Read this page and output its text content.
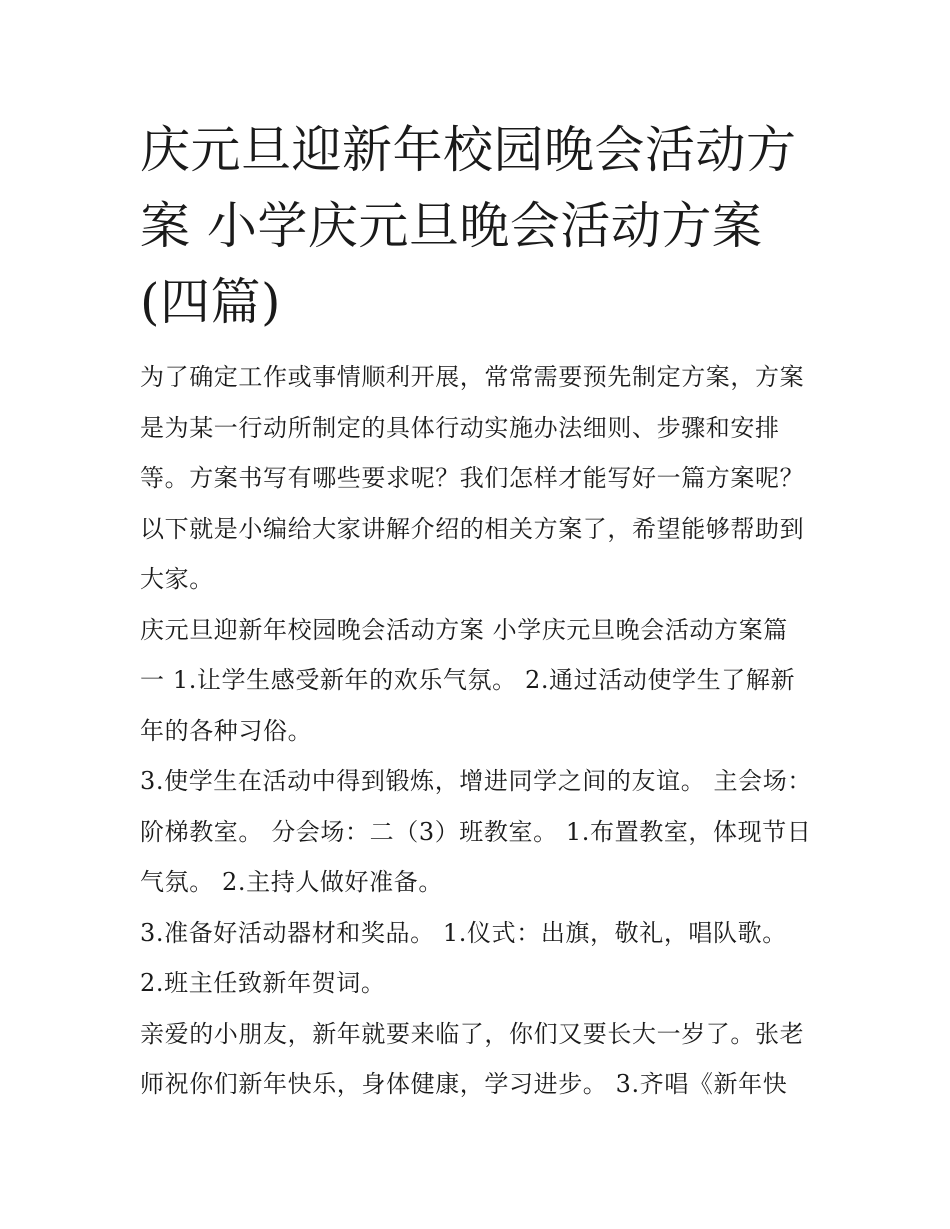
庆元旦迎新年校园晚会活动方案 小学庆元旦晚会活动方案(四篇)

为了确定工作或事情顺利开展，常常需要预先制定方案，方案是为某一行动所制定的具体行动实施办法细则、步骤和安排等。方案书写有哪些要求呢？我们怎样才能写好一篇方案呢？以下就是小编给大家讲解介绍的相关方案了，希望能够帮助到大家。

庆元旦迎新年校园晚会活动方案 小学庆元旦晚会活动方案篇一 1.让学生感受新年的欢乐气氛。 2.通过活动使学生了解新年的各种习俗。

3.使学生在活动中得到锻炼，增进同学之间的友谊。 主会场：阶梯教室。 分会场：二（3）班教室。 1.布置教室，体现节日气氛。 2.主持人做好准备。

3.准备好活动器材和奖品。 1.仪式：出旗，敬礼，唱队歌。 2.班主任致新年贺词。

亲爱的小朋友，新年就要来临了，你们又要长大一岁了。张老师祝你们新年快乐，身体健康，学习进步。 3.齐唱《新年快
